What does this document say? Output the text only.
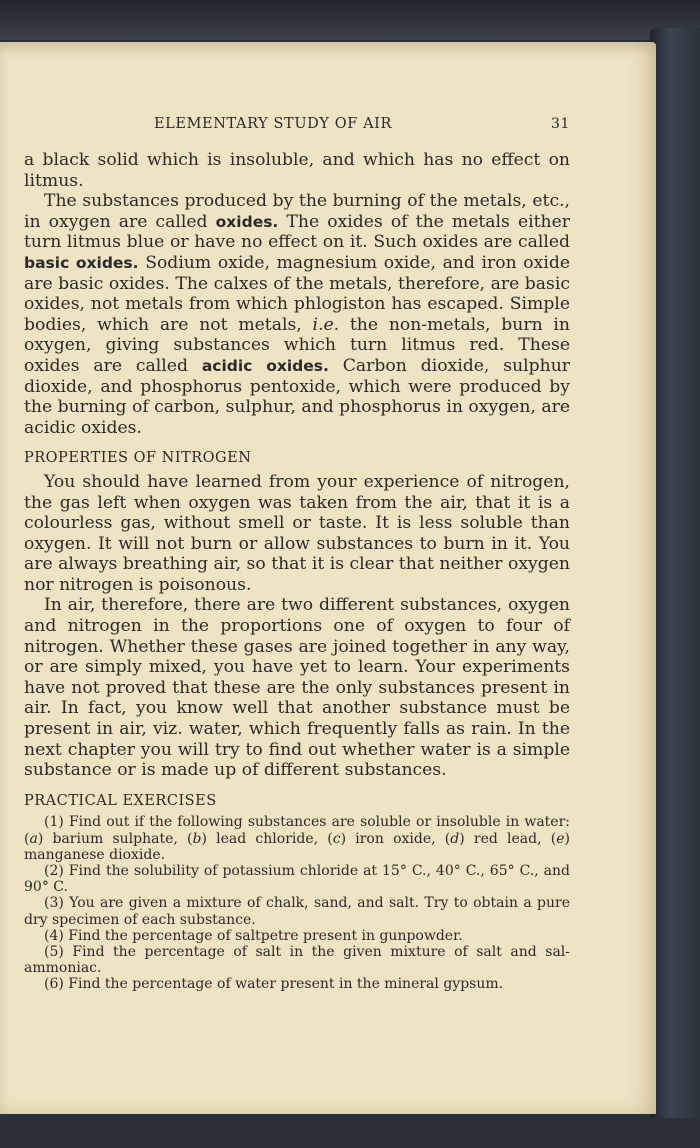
ELEMENTARY STUDY OF AIR	31

a black solid which is insoluble, and which has no effect on litmus.

The substances produced by the burning of the metals, etc., in oxygen are called oxides. The oxides of the metals either turn litmus blue or have no effect on it. Such oxides are called basic oxides. Sodium oxide, magnesium oxide, and iron oxide are basic oxides. The calxes of the metals, therefore, are basic oxides, not metals from which phlogiston has escaped. Simple bodies, which are not metals, i.e. the non-metals, burn in oxygen, giving substances which turn litmus red. These oxides are called acidic oxides. Carbon dioxide, sulphur dioxide, and phosphorus pentoxide, which were produced by the burning of carbon, sulphur, and phosphorus in oxygen, are acidic oxides.

PROPERTIES OF NITROGEN

You should have learned from your experience of nitrogen, the gas left when oxygen was taken from the air, that it is a colourless gas, without smell or taste. It is less soluble than oxygen. It will not burn or allow substances to burn in it. You are always breathing air, so that it is clear that neither oxygen nor nitrogen is poisonous.

In air, therefore, there are two different substances, oxygen and nitrogen in the proportions one of oxygen to four of nitrogen. Whether these gases are joined together in any way, or are simply mixed, you have yet to learn. Your experiments have not proved that these are the only substances present in air. In fact, you know well that another substance must be present in air, viz. water, which frequently falls as rain. In the next chapter you will try to find out whether water is a simple substance or is made up of different substances.

PRACTICAL EXERCISES

(1) Find out if the following substances are soluble or insoluble in water: (a) barium sulphate, (b) lead chloride, (c) iron oxide, (d) red lead, (e) manganese dioxide.

(2) Find the solubility of potassium chloride at 15° C., 40° C., 65° C., and 90° C.

(3) You are given a mixture of chalk, sand, and salt. Try to obtain a pure dry specimen of each substance.

(4) Find the percentage of saltpetre present in gunpowder.

(5) Find the percentage of salt in the given mixture of salt and sal-ammoniac.

(6) Find the percentage of water present in the mineral gypsum.
